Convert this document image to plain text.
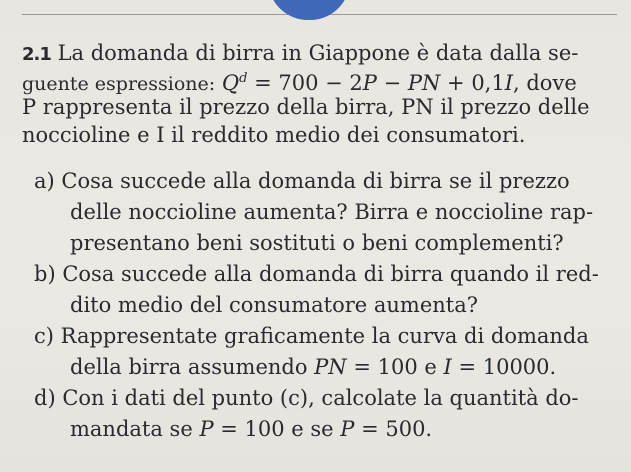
2.1 La domanda di birra in Giappone è data dalla se-
guente espressione: $Q^d = 700 - 2P$ − PN + 0,1I, dove
P rappresenta il prezzo della birra, PN il prezzo delle
noccioline e I il reddito medio dei consumatori.
a) Cosa succede alla domanda di birra se il prezzo
delle noccioline aumenta? Birra e noccioline rap-
presentano beni sostituti o beni complementi?
b) Cosa succede alla domanda di birra quando il red-
dito medio del consumatore aumenta?
c) Rappresentate graficamente la curva di domanda
della birra assumendo PN = 100 e I = 10000.
d) Con i dati del punto (c), calcolate la quantità do-
mandata se P = 100 e se P = 500.
